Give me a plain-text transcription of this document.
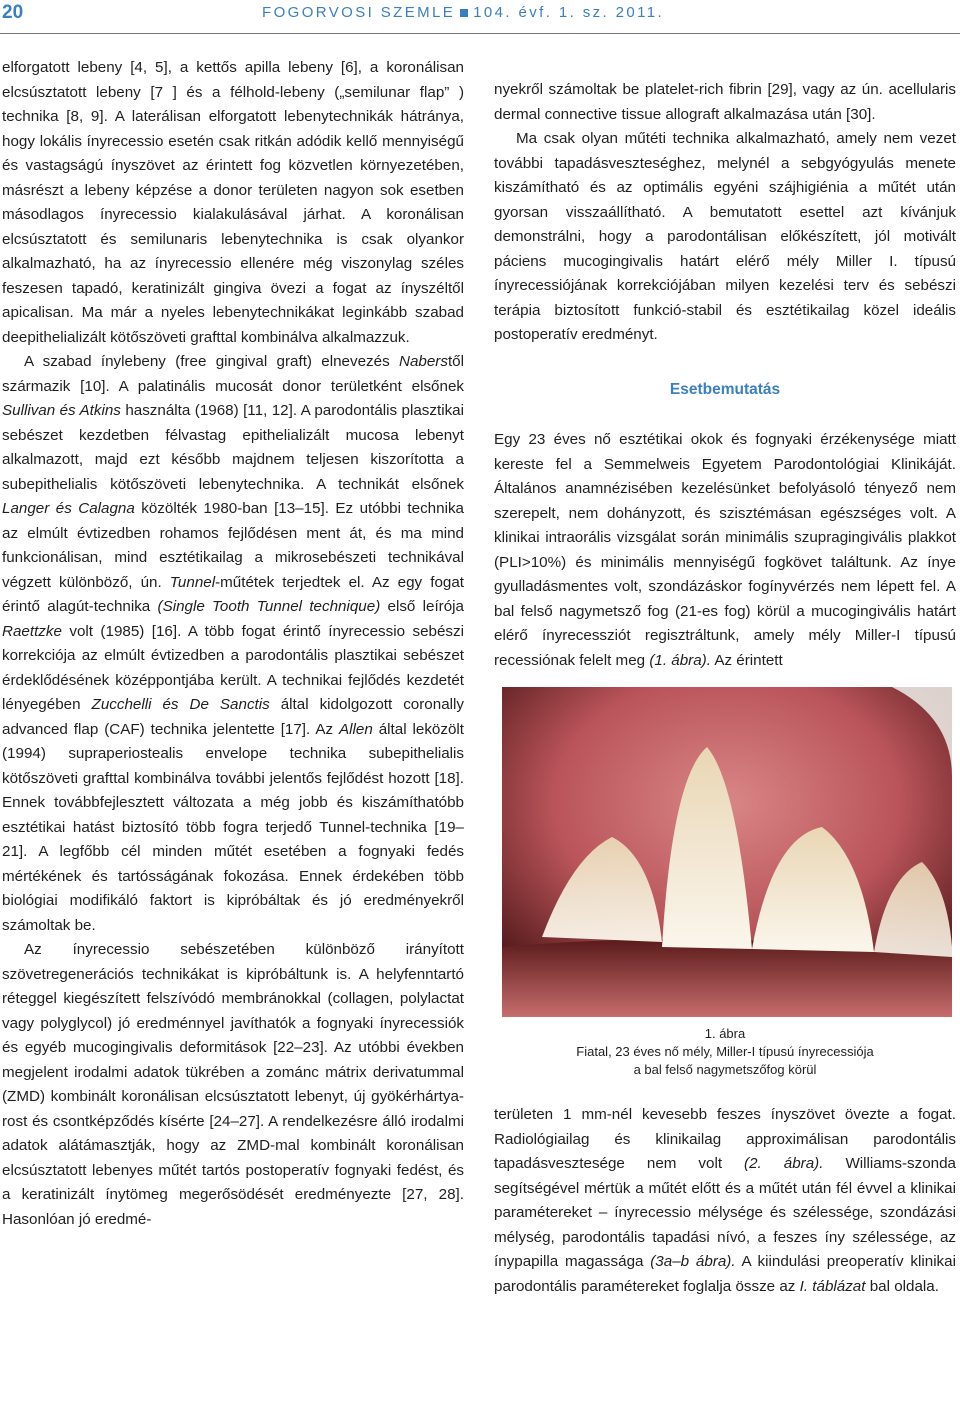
20	FOGORVOSI SZEMLE 104. évf. 1. sz. 2011.

elforgatott lebeny [4, 5], a kettős apilla lebeny [6], a koronálisan elcsúsztatott lebeny [7 ] és a félhold-lebeny („semilunar flap” ) technika [8, 9]. A laterálisan elforgatott lebenytechnikák hátránya, hogy lokális ínyrecessio esetén csak ritkán adódik kellő mennyiségű és vastagságú ínyszövet az érintett fog közvetlen környezetében, másrészt a lebeny képzése a donor területen nagyon sok esetben másodlagos ínyrecessio kialakulásával járhat. A koronálisan elcsúsztatott és semilunaris lebenytechnika is csak olyankor alkalmazható, ha az ínyrecessio ellenére még viszonylag széles feszesen tapadó, keratinizált gingiva övezi a fogat az ínyszéltől apicalisan. Ma már a nyeles lebenytechnikákat leginkább szabad deepithelializált kötőszöveti grafttal kombinálva alkalmazzuk.

A szabad ínylebeny (free gingival graft) elnevezés Naberstől származik [10]. A palatinális mucosát donor területként elsőnek Sullivan és Atkins használta (1968) [11, 12]. A parodontális plasztikai sebészet kezdetben félvastag epithelializált mucosa lebenyt alkalmazott, majd ezt később majdnem teljesen kiszorította a subepithelialis kötőszöveti lebenytechnika. A technikát elsőnek Langer és Calagna közölték 1980-ban [13–15]. Ez utóbbi technika az elmúlt évtizedben rohamos fejlődésen ment át, és ma mind funkcionálisan, mind esztétikailag a mikrosebészeti technikával végzett különböző, ún. Tunnel-műtétek terjedtek el. Az egy fogat érintő alagút-technika (Single Tooth Tunnel technique) első leírója Raettzke volt (1985) [16]. A több fogat érintő ínyrecessio sebészi korrekciója az elmúlt évtizedben a parodontális plasztikai sebészet érdeklődésének középpontjába került. A technikai fejlődés kezdetét lényegében Zucchelli és De Sanctis által kidolgozott coronally advanced flap (CAF) technika jelentette [17]. Az Allen által leközölt (1994) supraperiostealis envelope technika subepithelialis kötőszöveti grafttal kombinálva további jelentős fejlődést hozott [18]. Ennek továbbfejlesztett változata a még jobb és kiszámíthatóbb esztétikai hatást biztosító több fogra terjedő Tunnel-technika [19–21]. A legfőbb cél minden műtét esetében a fognyaki fedés mértékének és tartósságának fokozása. Ennek érdekében több biológiai modifikáló faktort is kipróbáltak és jó eredményekről számoltak be.

Az ínyrecessio sebészetében különböző irányított szövetregenerációs technikákat is kipróbáltunk is. A helyfenntartó réteggel kiegészített felszívódó membránokkal (collagen, polylactat vagy polyglycol) jó eredménnyel javíthatók a fognyaki ínyrecessiók és egyéb mucogingivalis deformitások [22–23]. Az utóbbi években megjelent irodalmi adatok tükrében a zománc mátrix derivatummal (ZMD) kombinált koronálisan elcsúsztatott lebenyt, új gyökérhártya-rost és csontképződés kísérte [24–27]. A rendelkezésre álló irodalmi adatok alátámasztják, hogy az ZMD-mal kombinált koronálisan elcsúsztatott lebenyes műtét tartós postoperatív fognyaki fedést, és a keratinizált ínytömeg megerősödését eredményezte [27, 28]. Hasonlóan jó eredmé-

nyekről számoltak be platelet-rich fibrin [29], vagy az ún. acellularis dermal connective tissue allograft alkalmazása után [30].

Ma csak olyan műtéti technika alkalmazható, amely nem vezet további tapadásveszteséghez, melynél a sebgyógyulás menete kiszámítható és az optimális egyéni szájhigiénia a műtét után gyorsan visszaállítható. A bemutatott esettel azt kívánjuk demonstrálni, hogy a parodontálisan előkészített, jól motivált páciens mucogingivalis határt elérő mély Miller I. típusú ínyrecessiójának korrekciójában milyen kezelési terv és sebészi terápia biztosított funkció-stabil és esztétikailag közel ideális postoperatív eredményt.

Esetbemutatás

Egy 23 éves nő esztétikai okok és fognyaki érzékenysége miatt kereste fel a Semmelweis Egyetem Parodontológiai Klinikáját. Általános anamnézisében kezelésünket befolyásoló tényező nem szerepelt, nem dohányzott, és szisztémásan egészséges volt. A klinikai intraorális vizsgálat során minimális szupragingivális plakkot (PLI>10%) és minimális mennyiségű fogkövet találtunk. Az ínye gyulladásmentes volt, szondázáskor fogínyvérzés nem lépett fel. A bal felső nagymetsző fog (21-es fog) körül a mucogingivális határt elérő ínyrecessziót regisztráltunk, amely mély Miller-I típusú recessiónak felelt meg (1. ábra). Az érintett

1. ábra
Fiatal, 23 éves nő mély, Miller-I típusú ínyrecessiója
a bal felső nagymetszőfog körül

területen 1 mm-nél kevesebb feszes ínyszövet övezte a fogat. Radiológiailag és klinikailag approximálisan parodontális tapadásvesztesége nem volt (2. ábra). Williams-szonda segítségével mértük a műtét előtt és a műtét után fél évvel a klinikai paramétereket – ínyrecessio mélysége és szélessége, szondázási mélység, parodontális tapadási nívó, a feszes íny szélessége, az ínypapilla magassága (3a–b ábra). A kiindulási preoperatív klinikai parodontális paramétereket foglalja össze az I. táblázat bal oldala.
